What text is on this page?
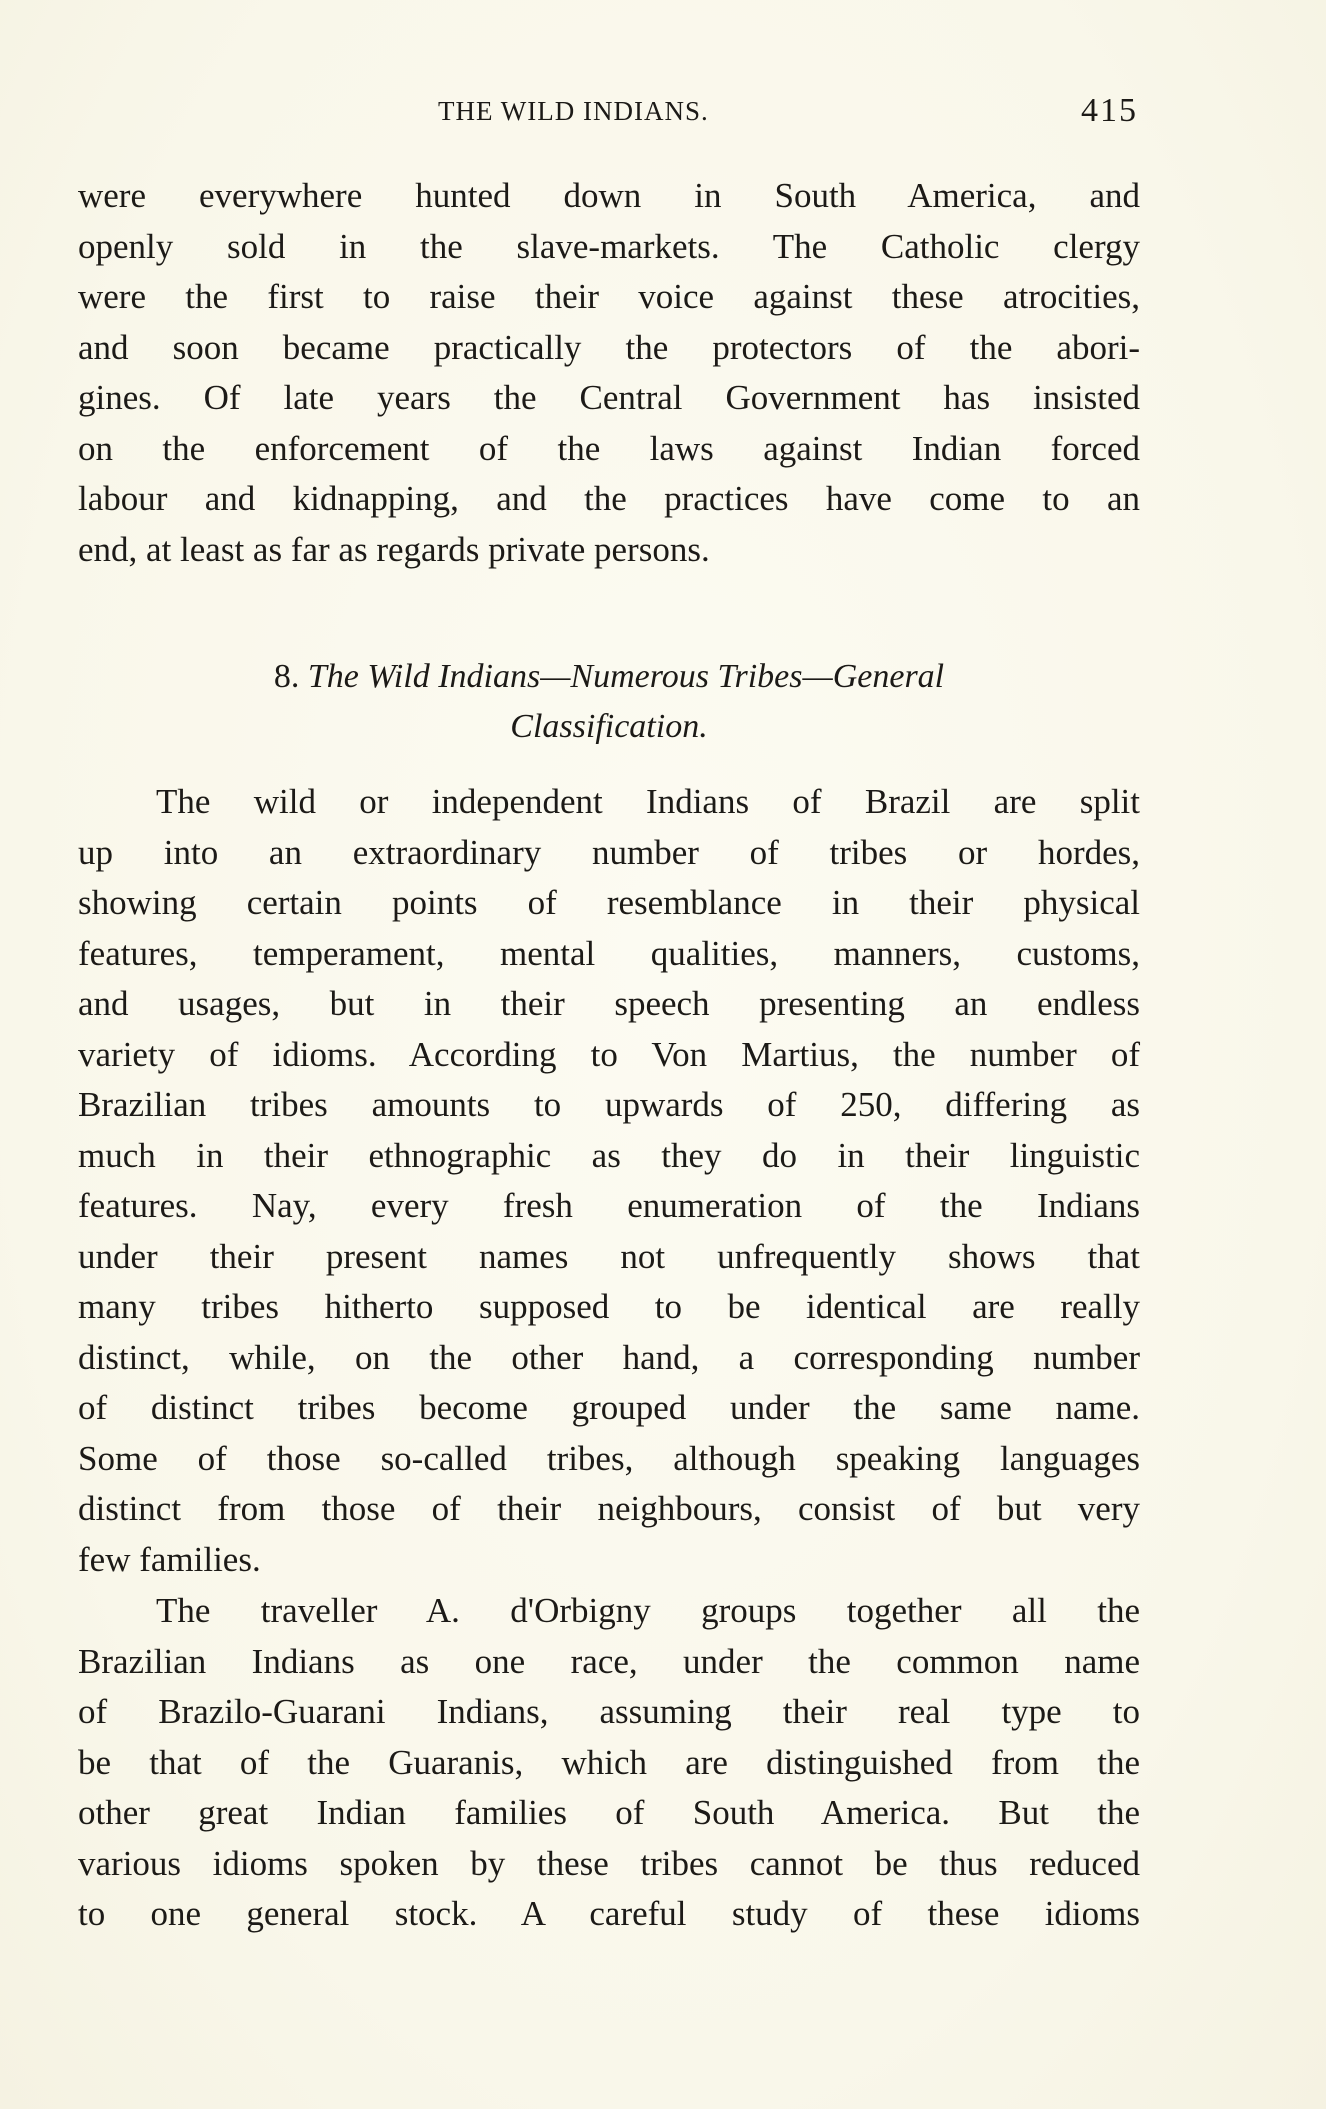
THE WILD INDIANS.	415
were everywhere hunted down in South America, and
openly sold in the slave-markets. The Catholic clergy
were the first to raise their voice against these atrocities,
and soon became practically the protectors of the abori-
gines. Of late years the Central Government has insisted
on the enforcement of the laws against Indian forced
labour and kidnapping, and the practices have come to an
end, at least as far as regards private persons.
8. The Wild Indians—Numerous Tribes—General
Classification.
The wild or independent Indians of Brazil are split
up into an extraordinary number of tribes or hordes,
showing certain points of resemblance in their physical
features, temperament, mental qualities, manners, customs,
and usages, but in their speech presenting an endless
variety of idioms. According to Von Martius, the number of
Brazilian tribes amounts to upwards of 250, differing as
much in their ethnographic as they do in their linguistic
features. Nay, every fresh enumeration of the Indians
under their present names not unfrequently shows that
many tribes hitherto supposed to be identical are really
distinct, while, on the other hand, a corresponding number
of distinct tribes become grouped under the same name.
Some of those so-called tribes, although speaking languages
distinct from those of their neighbours, consist of but very
few families.
The traveller A. d'Orbigny groups together all the
Brazilian Indians as one race, under the common name
of Brazilo-Guarani Indians, assuming their real type to
be that of the Guaranis, which are distinguished from the
other great Indian families of South America. But the
various idioms spoken by these tribes cannot be thus reduced
to one general stock. A careful study of these idioms
